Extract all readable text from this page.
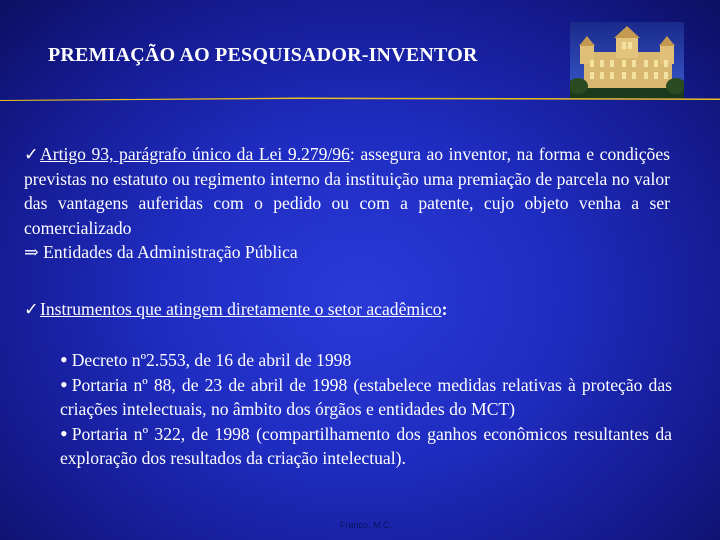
PREMIAÇÃO AO PESQUISADOR-INVENTOR
✓Artigo 93, parágrafo único da Lei 9.279/96: assegura ao inventor, na forma e condições previstas no estatuto ou regimento interno da instituição uma premiação de parcela no valor das vantagens auferidas com o pedido ou com a patente, cujo objeto venha a ser comercializado
⇒ Entidades da Administração Pública
✓Instrumentos que atingem diretamente o setor acadêmico:
• Decreto nº2.553, de 16 de abril de 1998
• Portaria nº 88, de 23 de abril de 1998 (estabelece medidas relativas à proteção das criações intelectuais, no âmbito dos órgãos e entidades do MCT)
• Portaria nº 322, de 1998 (compartilhamento dos ganhos econômicos resultantes da exploração dos resultados da criação intelectual).
Franco, M.C.
